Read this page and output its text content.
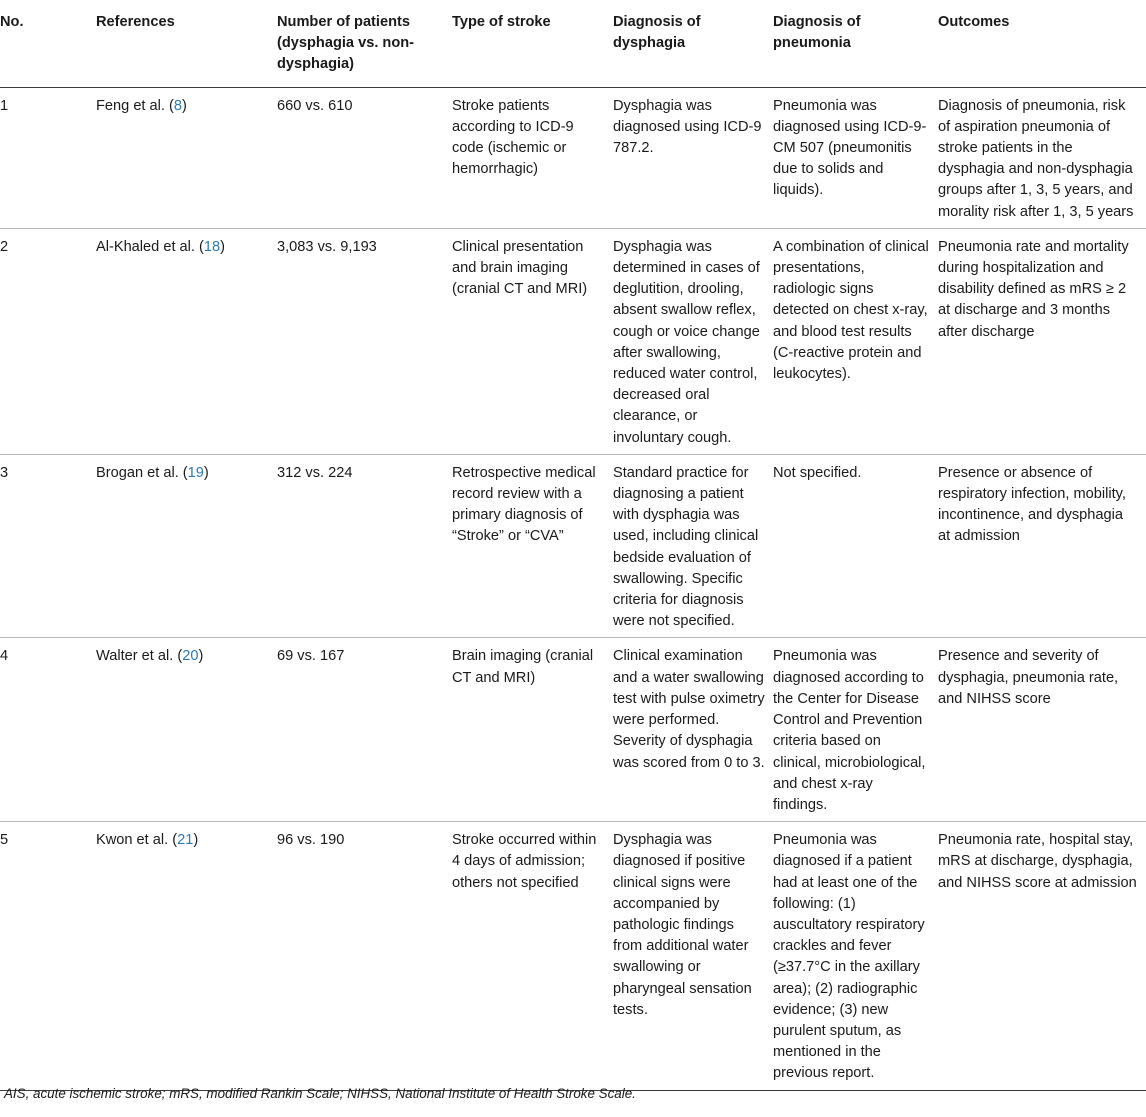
No.	References	Number of patients (dysphagia vs. non-dysphagia)	Type of stroke	Diagnosis of dysphagia	Diagnosis of pneumonia	Outcomes
1	Feng et al. (8)	660 vs. 610	Stroke patients according to ICD-9 code (ischemic or hemorrhagic)	Dysphagia was diagnosed using ICD-9 787.2.	Pneumonia was diagnosed using ICD-9-CM 507 (pneumonitis due to solids and liquids).	Diagnosis of pneumonia, risk of aspiration pneumonia of stroke patients in the dysphagia and non-dysphagia groups after 1, 3, 5 years, and morality risk after 1, 3, 5 years
2	Al-Khaled et al. (18)	3,083 vs. 9,193	Clinical presentation and brain imaging (cranial CT and MRI)	Dysphagia was determined in cases of deglutition, drooling, absent swallow reflex, cough or voice change after swallowing, reduced water control, decreased oral clearance, or involuntary cough.	A combination of clinical presentations, radiologic signs detected on chest x-ray, and blood test results (C-reactive protein and leukocytes).	Pneumonia rate and mortality during hospitalization and disability defined as mRS ≥ 2 at discharge and 3 months after discharge
3	Brogan et al. (19)	312 vs. 224	Retrospective medical record review with a primary diagnosis of “Stroke” or “CVA”	Standard practice for diagnosing a patient with dysphagia was used, including clinical bedside evaluation of swallowing. Specific criteria for diagnosis were not specified.	Not specified.	Presence or absence of respiratory infection, mobility, incontinence, and dysphagia at admission
4	Walter et al. (20)	69 vs. 167	Brain imaging (cranial CT and MRI)	Clinical examination and a water swallowing test with pulse oximetry were performed. Severity of dysphagia was scored from 0 to 3.	Pneumonia was diagnosed according to the Center for Disease Control and Prevention criteria based on clinical, microbiological, and chest x-ray findings.	Presence and severity of dysphagia, pneumonia rate, and NIHSS score
5	Kwon et al. (21)	96 vs. 190	Stroke occurred within 4 days of admission; others not specified	Dysphagia was diagnosed if positive clinical signs were accompanied by pathologic findings from additional water swallowing or pharyngeal sensation tests.	Pneumonia was diagnosed if a patient had at least one of the following: (1) auscultatory respiratory crackles and fever (≥37.7°C in the axillary area); (2) radiographic evidence; (3) new purulent sputum, as mentioned in the previous report.	Pneumonia rate, hospital stay, mRS at discharge, dysphagia, and NIHSS score at admission
AIS, acute ischemic stroke; mRS, modified Rankin Scale; NIHSS, National Institute of Health Stroke Scale.
